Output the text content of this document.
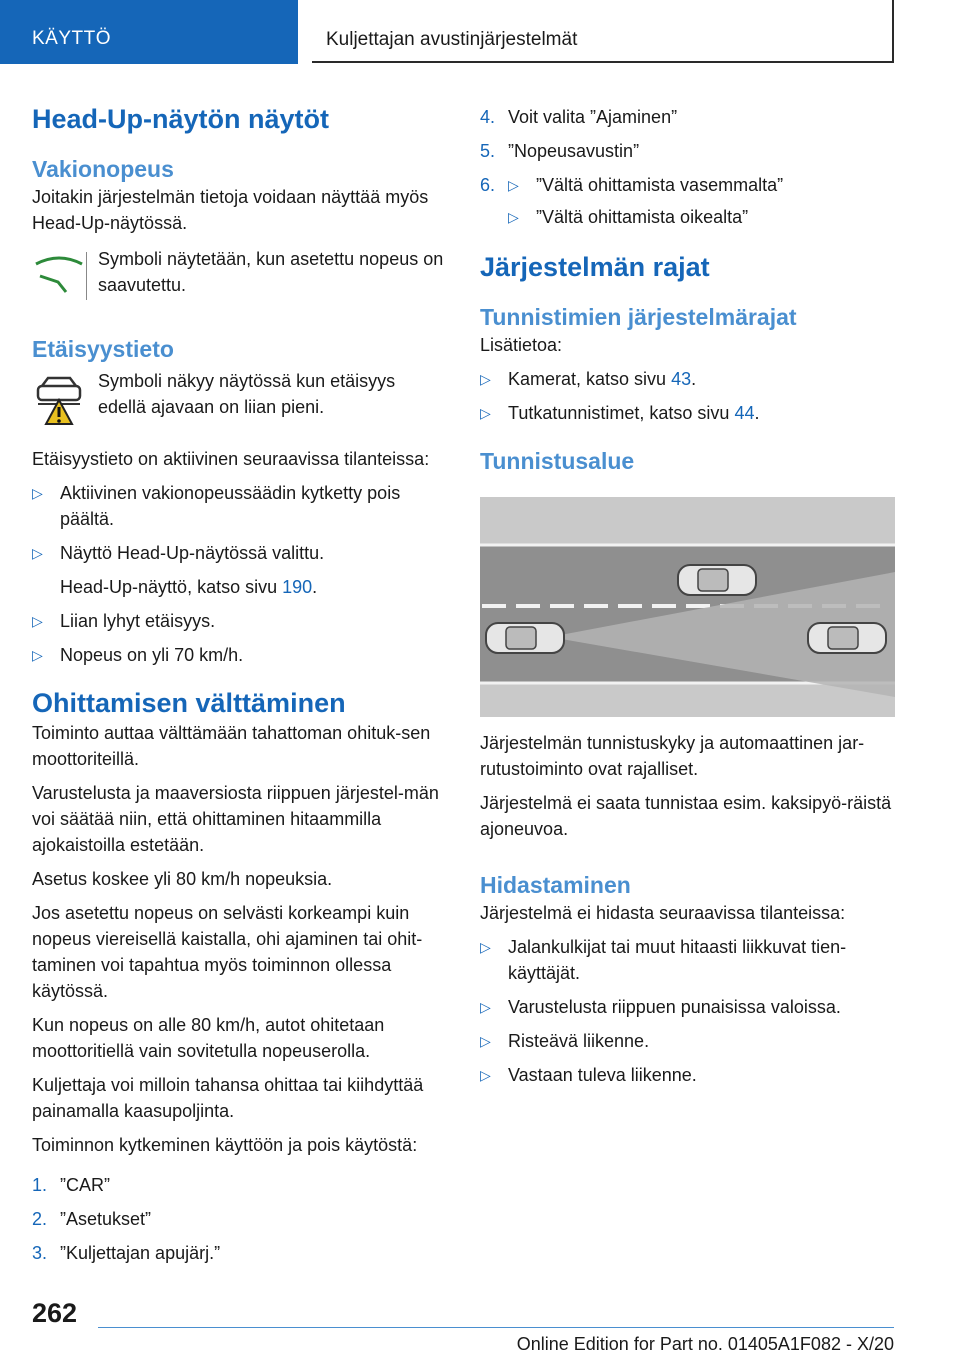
KÄYTTÖ	Kuljettajan avustinjärjestelmät
Head-Up-näytön näytöt
Vakionopeus

Joitakin järjestelmän tietoja voidaan näyttää myös Head-Up-näytössä.

Symboli näytetään, kun asetettu nopeus on saavutettu.
Etäisyystieto
Symboli näkyy näytössä kun etäisyys edellä ajavaan on liian pieni.

Etäisyystieto on aktiivinen seuraavissa tilanteissa:

▷ Aktiivinen vakionopeussäädin kytketty pois päältä.
▷ Näyttö Head-Up-näytössä valittu.

Head-Up-näyttö, katso sivu 190.

▷ Liian lyhyt etäisyys.
▷ Nopeus on yli 70 km/h.
Ohittamisen välttäminen

Toiminto auttaa välttämään tahattoman ohituk-sen moottoriteillä.

Varustelusta ja maaversiosta riippuen järjestel-män voi säätää niin, että ohittaminen hitaammilla ajokaistoilla estetään.

Asetus koskee yli 80 km/h nopeuksia.

Jos asetettu nopeus on selvästi korkeampi kuin nopeus viereisellä kaistalla, ohi ajaminen tai ohit-taminen voi tapahtua myös toiminnon ollessa käytössä.

Kun nopeus on alle 80 km/h, autot ohitetaan moottoritiellä vain sovitetulla nopeuserolla.

Kuljettaja voi milloin tahansa ohittaa tai kiihdyttää painamalla kaasupoljinta.

Toiminnon kytkeminen käyttöön ja pois käytöstä:

1. ”CAR”
2. ”Asetukset”
3. ”Kuljettajan apujärj.”
4. Voit valita ”Ajaminen”
5. ”Nopeusavustin”
6. ▷ ”Vältä ohittamista vasemmalta”
▷ ”Vältä ohittamista oikealta”
Järjestelmän rajat
Tunnistimien järjestelmärajat

Lisätietoa:

▷ Kamerat, katso sivu 43.
▷ Tutkatunnistimet, katso sivu 44.
Tunnistusalue

Järjestelmän tunnistuskyky ja automaattinen jar-rutustoiminto ovat rajalliset.

Järjestelmä ei saata tunnistaa esim. kaksipyö-räistä ajoneuvoa.

Hidastaminen

Järjestelmä ei hidasta seuraavissa tilanteissa:

▷ Jalankulkijat tai muut hitaasti liikkuvat tien-käyttäjät.
▷ Varustelusta riippuen punaisissa valoissa.
▷ Risteävä liikenne.
▷ Vastaan tuleva liikenne.
262
Online Edition for Part no. 01405A1F082 - X/20
